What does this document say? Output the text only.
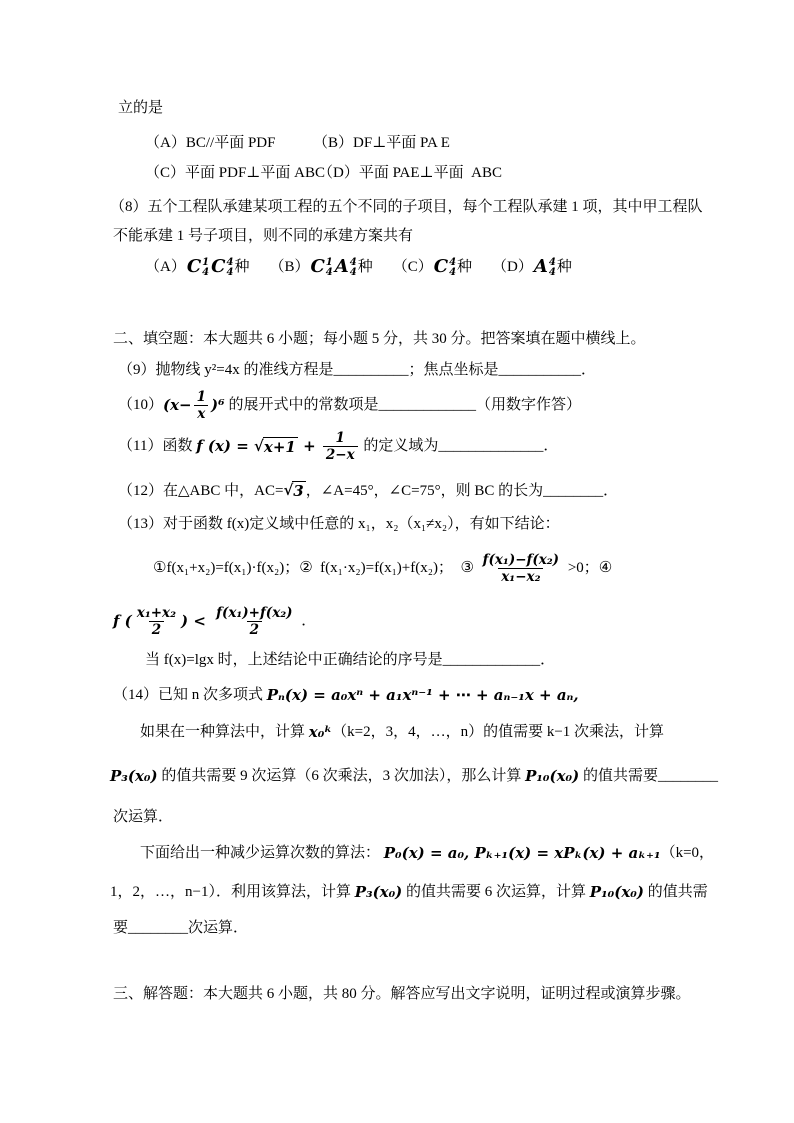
立的是
（A） BC//平面 PDF	（B） DF⊥平面 PA E
（C） 平面 PDF⊥平面 ABC
（D） 平面 PAE⊥平面  ABC
（8）五个工程队承建某项工程的五个不同的子项目，每个工程队承建 1 项，其中甲工程队
不能承建 1 号子项目，则不同的承建方案共有
（A） C 1
4 C 4
4 种 （B） C 1
4 A 4
4 种 （C） C 4
4 种 （D） A 4
4 种
二、填空题：本大题共 6 小题；每小题 5 分，共 30 分。把答案填在题中横线上。
（9）抛物线 y²=4x 的准线方程是__________；焦点坐标是___________．
（10） $(x- \frac{1}{x} )^6$ 的展开式中的常数项是_____________（用数字作答）
（11）函数 f (x) = √ $x+1 + \frac{1}{2-x}$ 的定义域为______________．
（12）在△ABC 中，AC= √ 3 ，∠A=45°，∠C=75°，则 BC 的长为________．
（13）对于函数 f(x)定义域中任意的 x₁，x₂（x₁≠x₂），有如下结论：
①f(x₁+x₂)=f(x₁)·f(x₂)；②  f(x₁·x₂)=f(x₁)+f(x₂)；  ③ $\frac{\text{f(x₁)−f(x₂)}}{\text{x₁−x₂}} >0$；④
f ( $\frac{\text{x₁+x₂}}{2}$ ) < $\frac{\text{f(x₁)+f(x₂)}}{2}$ ．
当 f(x)=lgx 时，上述结论中正确结论的序号是_____________．
（14）已知 n 次多项式 Pₙ(x) = a₀xⁿ + a₁xⁿ⁻¹ + ⋯ + aₙ₋₁x + aₙ,
如果在一种算法中，计算 x₀ᵏ （k=2，3，4，…，n）的值需要 k−1 次乘法，计算
P₃(x₀) 的值共需要 9 次运算（6 次乘法，3 次加法），那么计算 P₁₀(x₀) 的值共需要________
次运算．
下面给出一种减少运算次数的算法： P₀(x) = a₀, Pₖ₊₁(x) = xPₖ(x) + aₖ₊₁ （k=0，
1，2，…，n−1）．利用该算法，计算 P₃(x₀) 的值共需要 6 次运算，计算 P₁₀(x₀) 的值共需
要________次运算．
三、解答题：本大题共 6 小题，共 80 分。解答应写出文字说明，证明过程或演算步骤。
